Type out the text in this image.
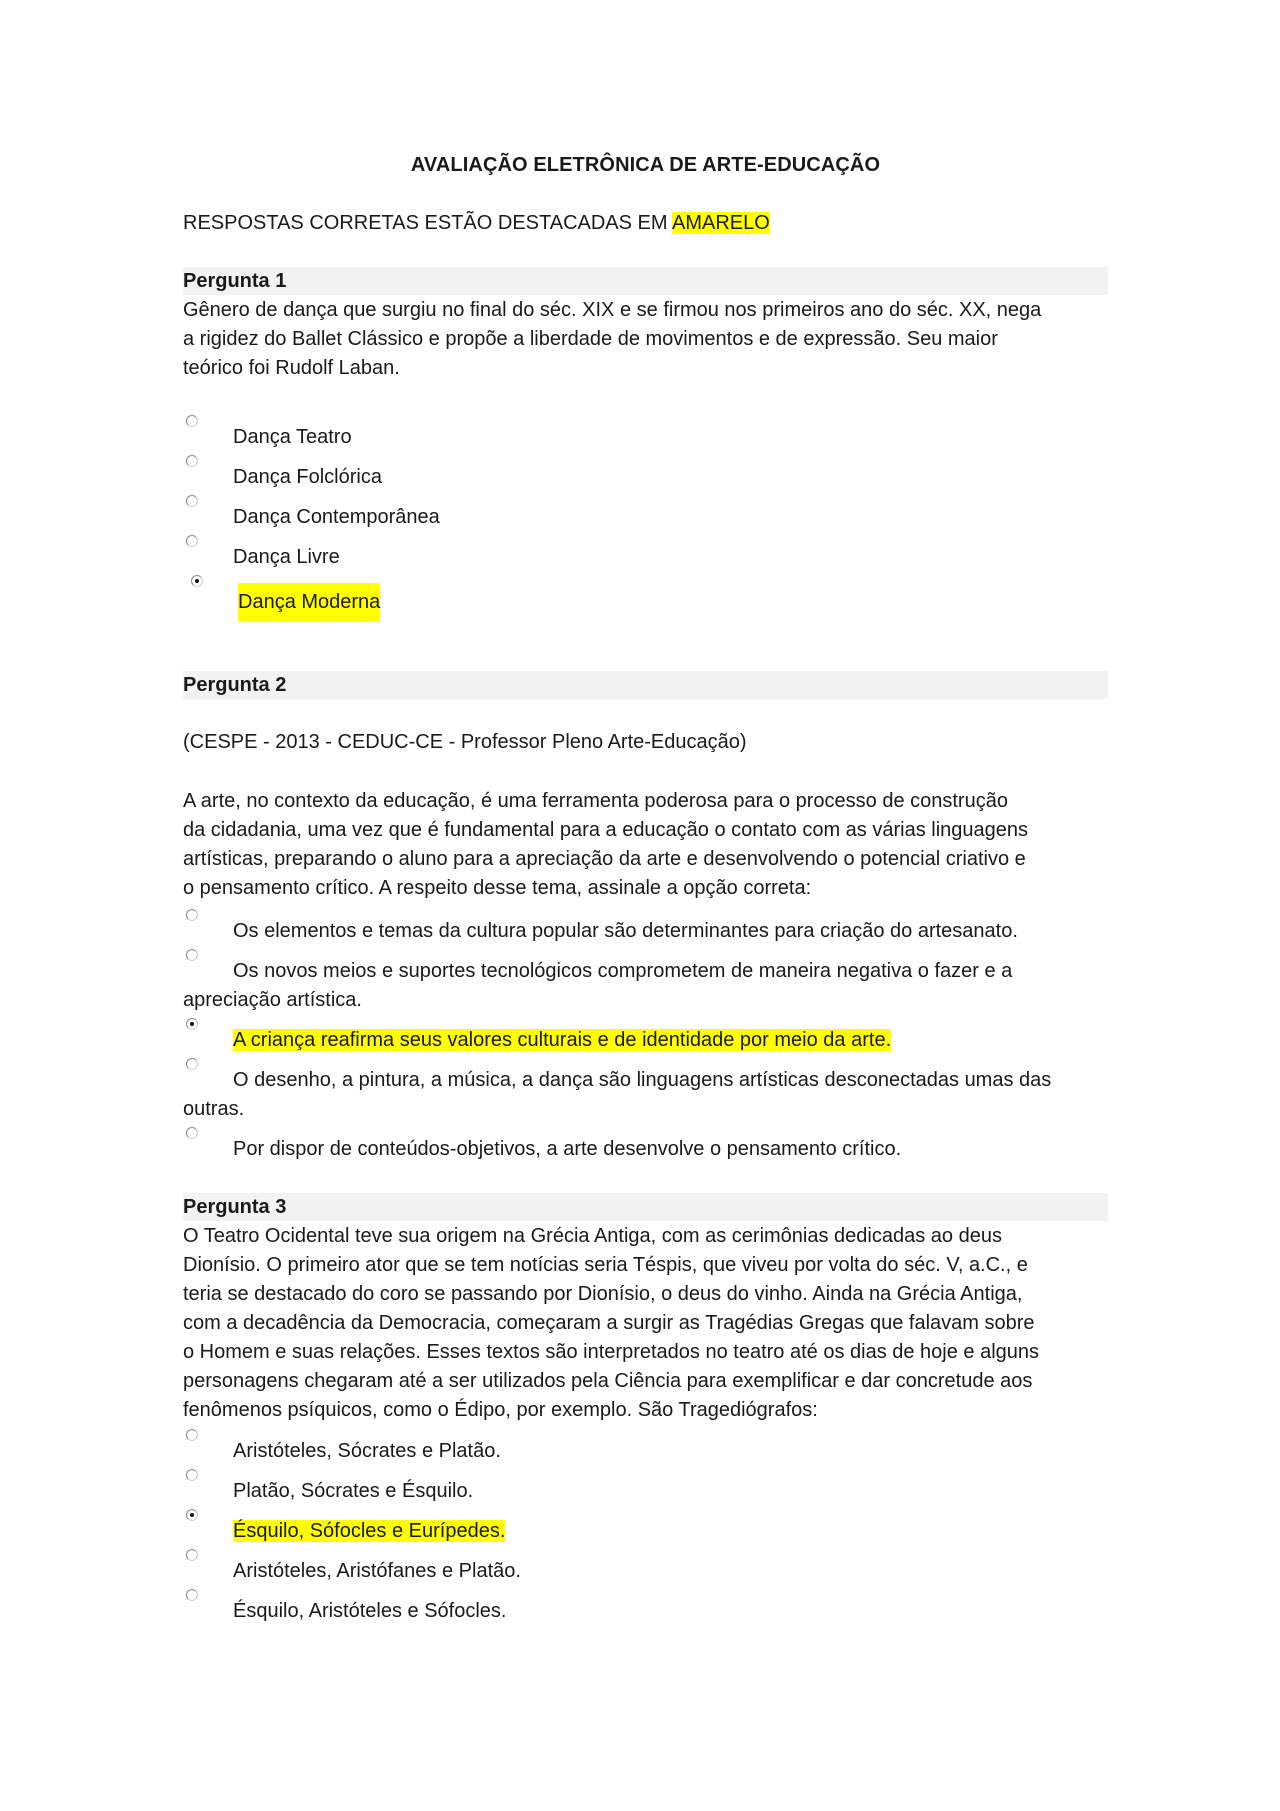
AVALIAÇÃO ELETRÔNICA DE ARTE-EDUCAÇÃO
RESPOSTAS CORRETAS ESTÃO DESTACADAS EM AMARELO
Pergunta 1
Gênero de dança que surgiu no final do séc. XIX e se firmou nos primeiros ano do séc. XX, nega
a rigidez do Ballet Clássico e propõe a liberdade de movimentos e de expressão. Seu maior
teórico foi Rudolf Laban.
Dança Teatro
Dança Folclórica
Dança Contemporânea
Dança Livre
Dança Moderna
Pergunta 2
(CESPE - 2013 - CEDUC-CE - Professor Pleno Arte-Educação)
A arte, no contexto da educação, é uma ferramenta poderosa para o processo de construção
da cidadania, uma vez que é fundamental para a educação o contato com as várias linguagens
artísticas, preparando o aluno para a apreciação da arte e desenvolvendo o potencial criativo e
o pensamento crítico. A respeito desse tema, assinale a opção correta:
Os elementos e temas da cultura popular são determinantes para criação do artesanato.
Os novos meios e suportes tecnológicos comprometem de maneira negativa o fazer e a
apreciação artística.
A criança reafirma seus valores culturais e de identidade por meio da arte.
O desenho, a pintura, a música, a dança são linguagens artísticas desconectadas umas das
outras.
Por dispor de conteúdos-objetivos, a arte desenvolve o pensamento crítico.
Pergunta 3
O Teatro Ocidental teve sua origem na Grécia Antiga, com as cerimônias dedicadas ao deus
Dionísio. O primeiro ator que se tem notícias seria Téspis, que viveu por volta do séc. V, a.C., e
teria se destacado do coro se passando por Dionísio, o deus do vinho. Ainda na Grécia Antiga,
com a decadência da Democracia, começaram a surgir as Tragédias Gregas que falavam sobre
o Homem e suas relações. Esses textos são interpretados no teatro até os dias de hoje e alguns
personagens chegaram até a ser utilizados pela Ciência para exemplificar e dar concretude aos
fenômenos psíquicos, como o Édipo, por exemplo. São Tragediógrafos:
Aristóteles, Sócrates e Platão.
Platão, Sócrates e Ésquilo.
Ésquilo, Sófocles e Eurípedes.
Aristóteles, Aristófanes e Platão.
Ésquilo, Aristóteles e Sófocles.
